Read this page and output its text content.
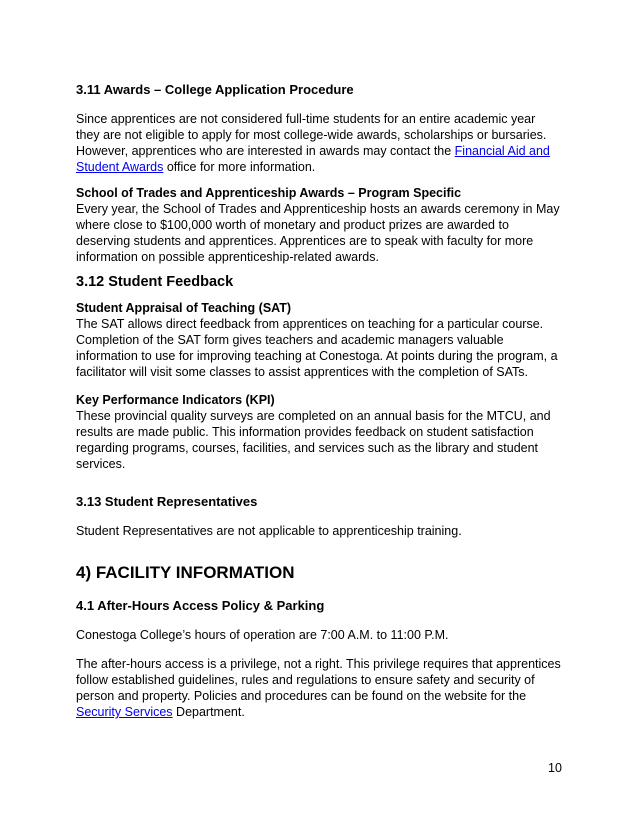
3.11 Awards – College Application Procedure

Since apprentices are not considered full-time students for an entire academic year
they are not eligible to apply for most college-wide awards, scholarships or bursaries.
However, apprentices who are interested in awards may contact the Financial Aid and
Student Awards office for more information.

School of Trades and Apprenticeship Awards – Program Specific

Every year, the School of Trades and Apprenticeship hosts an awards ceremony in May
where close to $100,000 worth of monetary and product prizes are awarded to
deserving students and apprentices. Apprentices are to speak with faculty for more
information on possible apprenticeship-related awards.

3.12 Student Feedback

Student Appraisal of Teaching (SAT)

The SAT allows direct feedback from apprentices on teaching for a particular course.
Completion of the SAT form gives teachers and academic managers valuable
information to use for improving teaching at Conestoga. At points during the program, a
facilitator will visit some classes to assist apprentices with the completion of SATs.

Key Performance Indicators (KPI)

These provincial quality surveys are completed on an annual basis for the MTCU, and
results are made public. This information provides feedback on student satisfaction
regarding programs, courses, facilities, and services such as the library and student
services.

3.13 Student Representatives

Student Representatives are not applicable to apprenticeship training.

4) FACILITY INFORMATION

4.1 After-Hours Access Policy & Parking

Conestoga College’s hours of operation are 7:00 A.M. to 11:00 P.M.

The after-hours access is a privilege, not a right. This privilege requires that apprentices
follow established guidelines, rules and regulations to ensure safety and security of
person and property. Policies and procedures can be found on the website for the
Security Services Department.

10
